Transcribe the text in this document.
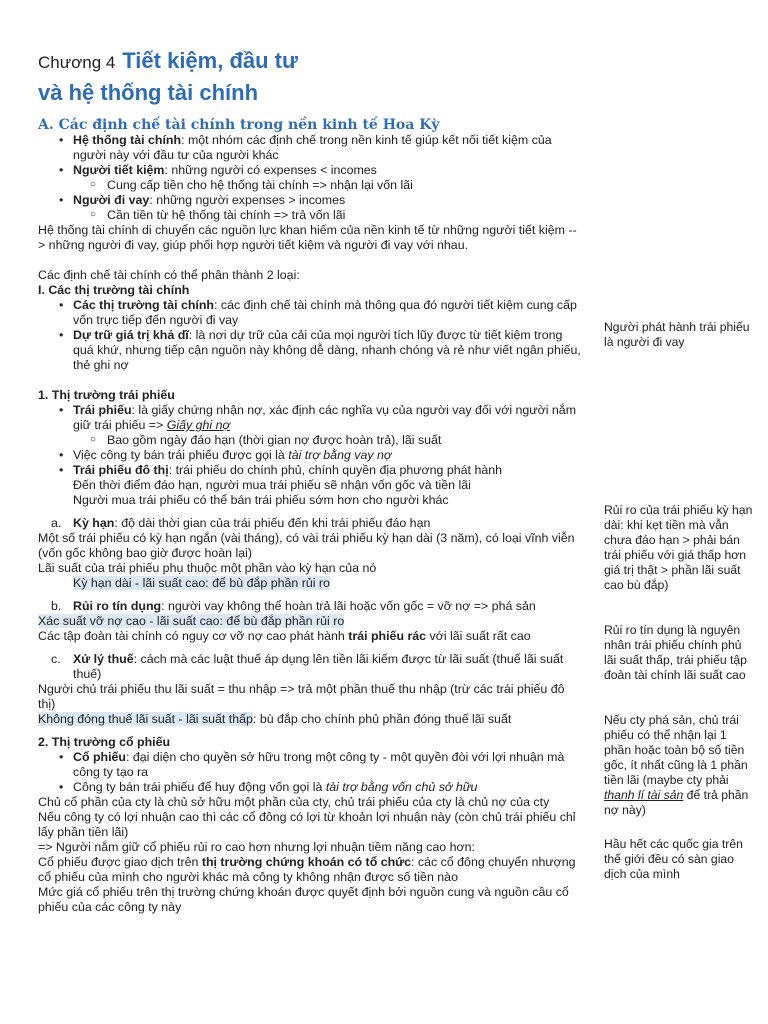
Chương 4 Tiết kiệm, đầu tư
và hệ thống tài chính
A. Các định chế tài chính trong nền kinh tế Hoa Kỳ
• Hệ thống tài chính: một nhóm các định chế trong nền kinh tế giúp kết nối tiết kiệm của người này với đầu tư của người khác
• Người tiết kiệm: những người có expenses < incomes
○ Cung cấp tiền cho hệ thống tài chính => nhận lại vốn lãi
• Người đi vay: những người expenses > incomes
○ Cần tiền từ hệ thống tài chính => trả vốn lãi
Hệ thống tài chính di chuyển các nguồn lực khan hiếm của nền kinh tế từ những người tiết kiệm --> những người đi vay, giúp phối hợp người tiết kiệm và người đi vay với nhau.
Các định chế tài chính có thể phân thành 2 loại:
I. Các thị trường tài chính
• Các thị trường tài chính: các định chế tài chính mà thông qua đó người tiết kiệm cung cấp vốn trực tiếp đến người đi vay
• Dự trữ giá trị khả dĩ: là nơi dự trữ của cải của mọi người tích lũy được từ tiết kiệm trong quá khứ, nhưng tiếp cận nguồn này không dễ dàng, nhanh chóng và rẻ như viết ngân phiếu, thẻ ghi nợ
1. Thị trường trái phiếu
• Trái phiếu: là giấy chứng nhận nợ, xác định các nghĩa vụ của người vay đối với người nắm giữ trái phiếu => Giấy ghi nợ
○ Bao gồm ngày đáo hạn (thời gian nợ được hoàn trả), lãi suất
• Việc công ty bán trái phiếu được gọi là tài trợ bằng vay nợ
• Trái phiếu đô thị: trái phiếu do chính phủ, chính quyền địa phương phát hành
Đến thời điểm đáo hạn, người mua trái phiếu sẽ nhận vốn gốc và tiền lãi
Người mua trái phiếu có thể bán trái phiếu sớm hơn cho người khác
a. Kỳ hạn: độ dài thời gian của trái phiếu đến khi trái phiếu đáo hạn
Một số trái phiếu có kỳ hạn ngắn (vài tháng), có vài trái phiếu kỳ hạn dài (3 năm), có loại vĩnh viễn (vốn gốc không bao giờ được hoàn lại)
Lãi suất của trái phiếu phụ thuộc một phần vào kỳ hạn của nó
Kỳ hạn dài - lãi suất cao: để bù đắp phần rủi ro
b. Rủi ro tín dụng: người vay không thể hoàn trả lãi hoặc vốn gốc = vỡ nợ => phá sản
Xác suất vỡ nợ cao - lãi suất cao: để bù đắp phần rủi ro
Các tập đoàn tài chính có nguy cơ vỡ nợ cao phát hành trái phiếu rác với lãi suất rất cao
c. Xử lý thuế: cách mà các luật thuế áp dụng lên tiền lãi kiếm được từ lãi suất (thuế lãi suất thuế)
Người chủ trái phiếu thu lãi suất = thu nhập => trả một phần thuế thu nhập (trừ các trái phiếu đô thị)
Không đóng thuế lãi suất - lãi suất thấp: bù đắp cho chính phủ phần đóng thuế lãi suất
2. Thị trường cổ phiếu
• Cổ phiếu: đại diện cho quyền sở hữu trong một công ty - một quyền đòi với lợi nhuận mà công ty tạo ra
• Công ty bán trái phiếu để huy động vốn gọi là tài trợ bằng vốn chủ sở hữu
Chủ cổ phần của cty là chủ sở hữu một phần của cty, chủ trái phiếu của cty là chủ nợ của cty
Nếu công ty có lợi nhuận cao thì các cổ đông có lợi từ khoản lợi nhuận này (còn chủ trái phiếu chỉ lấy phần tiền lãi)
=> Người nắm giữ cổ phiếu rủi ro cao hơn nhưng lợi nhuận tiềm năng cao hơn:
Cổ phiếu được giao dịch trên thị trường chứng khoán có tổ chức: các cổ đông chuyển nhượng cổ phiếu của mình cho người khác mà công ty không nhận được số tiền nào
Mức giá cổ phiếu trên thị trường chứng khoán được quyết định bởi nguồn cung và nguồn cầu cổ phiếu của các công ty này
Người phát hành trái phiếu là người đi vay
Rủi ro của trái phiếu kỳ hạn dài: khi kẹt tiền mà vẫn chưa đáo hạn > phải bán trái phiếu với giá thấp hơn giá trị thật > phần lãi suất cao bù đắp)
Rủi ro tín dụng là nguyên nhân trái phiếu chính phủ lãi suất thấp, trái phiếu tập đoàn tài chính lãi suất cao
Nếu cty phá sản, chủ trái phiếu có thể nhận lại 1 phần hoặc toàn bộ số tiền gốc, ít nhất cũng là 1 phần tiền lãi (maybe cty phải thanh lí tài sản để trả phần nợ này)
Hầu hết các quốc gia trên thế giới đều có sàn giao dịch của mình
